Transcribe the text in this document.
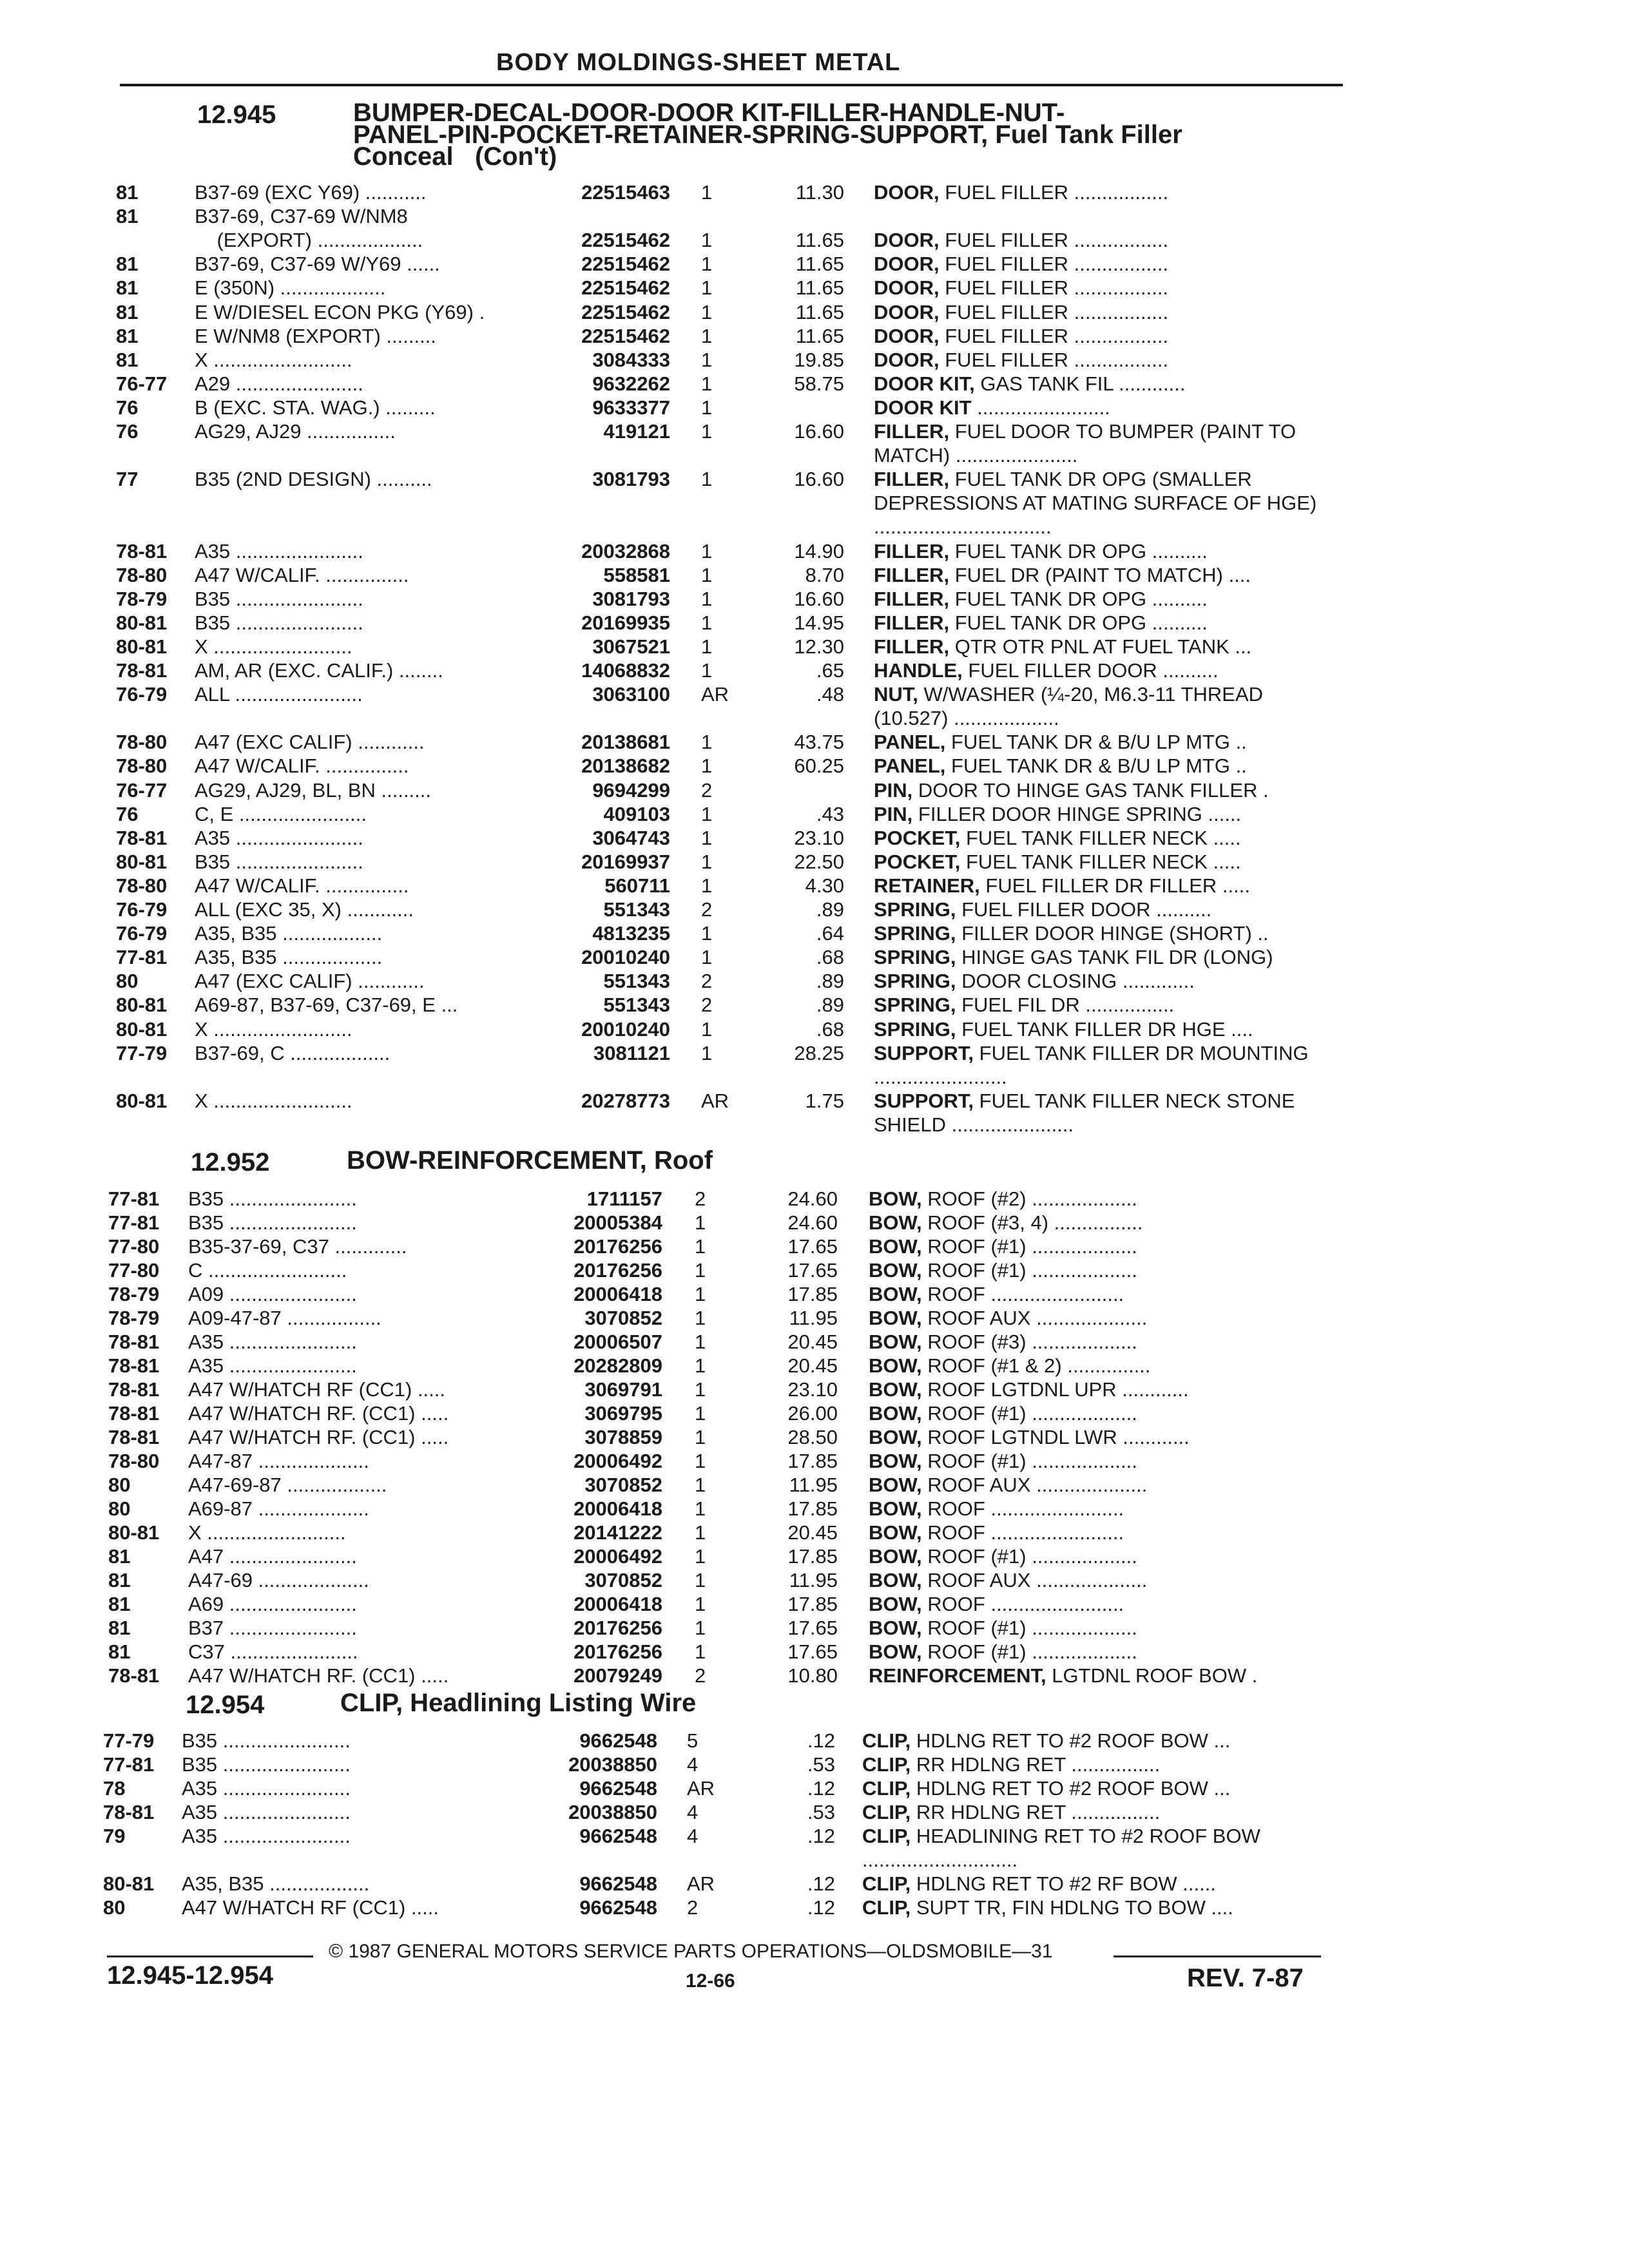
BODY MOLDINGS-SHEET METAL
12.945	BUMPER-DECAL-DOOR-DOOR KIT-FILLER-HANDLE-NUT-
PANEL-PIN-POCKET-RETAINER-SPRING-SUPPORT, Fuel Tank Filler
Conceal   (Con't)
81	B37-69 (EXC Y69) ...........	22515463 1	11.30 DOOR, FUEL FILLER .................
81	B37-69, C37-69 W/NM8
(EXPORT) ...................	22515462 1	11.65 DOOR, FUEL FILLER .................
81	B37-69, C37-69 W/Y69 ......	22515462 1	11.65 DOOR, FUEL FILLER .................
81	E (350N) ...................	22515462 1	11.65 DOOR, FUEL FILLER .................
81	E W/DIESEL ECON PKG (Y69) .	22515462 1	11.65 DOOR, FUEL FILLER .................
81	E W/NM8 (EXPORT) .........	22515462 1	11.65 DOOR, FUEL FILLER .................
81	X .........................	3084333 1	19.85 DOOR, FUEL FILLER .................
76-77 A29 .......................	9632262 1	58.75 DOOR KIT, GAS TANK FIL ............
76	B (EXC. STA. WAG.) .........	9633377 1	DOOR KIT ........................
76	AG29, AJ29 ................	419121 1	16.60 FILLER, FUEL DOOR TO BUMPER (PAINT TO MATCH) ......................
77	B35 (2ND DESIGN) ..........	3081793 1	16.60 FILLER, FUEL TANK DR OPG (SMALLER DEPRESSIONS AT MATING SURFACE OF HGE) ................................
78-81 A35 .......................	20032868 1	14.90 FILLER, FUEL TANK DR OPG ..........
78-80 A47 W/CALIF. ...............	558581 1	8.70 FILLER, FUEL DR (PAINT TO MATCH) ....
78-79 B35 .......................	3081793 1	16.60 FILLER, FUEL TANK DR OPG ..........
80-81 B35 .......................	20169935 1	14.95 FILLER, FUEL TANK DR OPG ..........
80-81 X .........................	3067521 1	12.30 FILLER, QTR OTR PNL AT FUEL TANK ...
78-81 AM, AR (EXC. CALIF.) ........	14068832 1	.65 HANDLE, FUEL FILLER DOOR ..........
76-79 ALL .......................	3063100 AR	.48 NUT, W/WASHER (¼-20, M6.3-11 THREAD (10.527) ...................
78-80 A47 (EXC CALIF) ............	20138681 1	43.75 PANEL, FUEL TANK DR & B/U LP MTG ..
78-80 A47 W/CALIF. ...............	20138682 1	60.25 PANEL, FUEL TANK DR & B/U LP MTG ..
76-77 AG29, AJ29, BL, BN .........	9694299 2	PIN, DOOR TO HINGE GAS TANK FILLER .
76	C, E .......................	409103 1	.43 PIN, FILLER DOOR HINGE SPRING ......
78-81 A35 .......................	3064743 1	23.10 POCKET, FUEL TANK FILLER NECK .....
80-81 B35 .......................	20169937 1	22.50 POCKET, FUEL TANK FILLER NECK .....
78-80 A47 W/CALIF. ...............	560711 1	4.30 RETAINER, FUEL FILLER DR FILLER .....
76-79 ALL (EXC 35, X) ............	551343 2	.89 SPRING, FUEL FILLER DOOR ..........
76-79 A35, B35 ..................	4813235 1	.64 SPRING, FILLER DOOR HINGE (SHORT) ..
77-81 A35, B35 ..................	20010240 1	.68 SPRING, HINGE GAS TANK FIL DR (LONG)
80	A47 (EXC CALIF) ............	551343 2	.89 SPRING, DOOR CLOSING .............
80-81 A69-87, B37-69, C37-69, E ...	551343 2	.89 SPRING, FUEL FIL DR ................
80-81 X .........................	20010240 1	.68 SPRING, FUEL TANK FILLER DR HGE ....
77-79 B37-69, C ..................	3081121 1	28.25 SUPPORT, FUEL TANK FILLER DR MOUNTING ........................
80-81 X .........................	20278773 AR	1.75 SUPPORT, FUEL TANK FILLER NECK STONE SHIELD ......................
12.952	BOW-REINFORCEMENT, Roof
77-81 B35 .......................	1711157 2	24.60 BOW, ROOF (#2) ...................
77-81 B35 .......................	20005384 1	24.60 BOW, ROOF (#3, 4) ................
77-80 B35-37-69, C37 .............	20176256 1	17.65 BOW, ROOF (#1) ...................
77-80 C .........................	20176256 1	17.65 BOW, ROOF (#1) ...................
78-79 A09 .......................	20006418 1	17.85 BOW, ROOF ........................
78-79 A09-47-87 .................	3070852 1	11.95 BOW, ROOF AUX ....................
78-81 A35 .......................	20006507 1	20.45 BOW, ROOF (#3) ...................
78-81 A35 .......................	20282809 1	20.45 BOW, ROOF (#1 & 2) ...............
78-81 A47 W/HATCH RF (CC1) .....	3069791 1	23.10 BOW, ROOF LGTDNL UPR ............
78-81 A47 W/HATCH RF. (CC1) .....	3069795 1	26.00 BOW, ROOF (#1) ...................
78-81 A47 W/HATCH RF. (CC1) .....	3078859 1	28.50 BOW, ROOF LGTNDL LWR ............
78-80 A47-87 ....................	20006492 1	17.85 BOW, ROOF (#1) ...................
80	A47-69-87 ..................	3070852 1	11.95 BOW, ROOF AUX ....................
80	A69-87 ....................	20006418 1	17.85 BOW, ROOF ........................
80-81 X .........................	20141222 1	20.45 BOW, ROOF ........................
81	A47 .......................	20006492 1	17.85 BOW, ROOF (#1) ...................
81	A47-69 ....................	3070852 1	11.95 BOW, ROOF AUX ....................
81	A69 .......................	20006418 1	17.85 BOW, ROOF ........................
81	B37 .......................	20176256 1	17.65 BOW, ROOF (#1) ...................
81	C37 .......................	20176256 1	17.65 BOW, ROOF (#1) ...................
78-81 A47 W/HATCH RF. (CC1) .....	20079249 2	10.80 REINFORCEMENT, LGTDNL ROOF BOW .
12.954	CLIP, Headlining Listing Wire
77-79 B35 .......................	9662548 5	.12 CLIP, HDLNG RET TO #2 ROOF BOW ...
77-81 B35 .......................	20038850 4	.53 CLIP, RR HDLNG RET ................
78	A35 .......................	9662548 AR	.12 CLIP, HDLNG RET TO #2 ROOF BOW ...
78-81 A35 .......................	20038850 4	.53 CLIP, RR HDLNG RET ................
79	A35 .......................	9662548 4	.12 CLIP, HEADLINING RET TO #2 ROOF BOW ............................
80-81 A35, B35 ..................	9662548 AR	.12 CLIP, HDLNG RET TO #2 RF BOW ......
80	A47 W/HATCH RF (CC1) .....	9662548 2	.12 CLIP, SUPT TR, FIN HDLNG TO BOW ....
© 1987 GENERAL MOTORS SERVICE PARTS OPERATIONS—OLDSMOBILE—31
12.945-12.954	12-66	REV. 7-87
